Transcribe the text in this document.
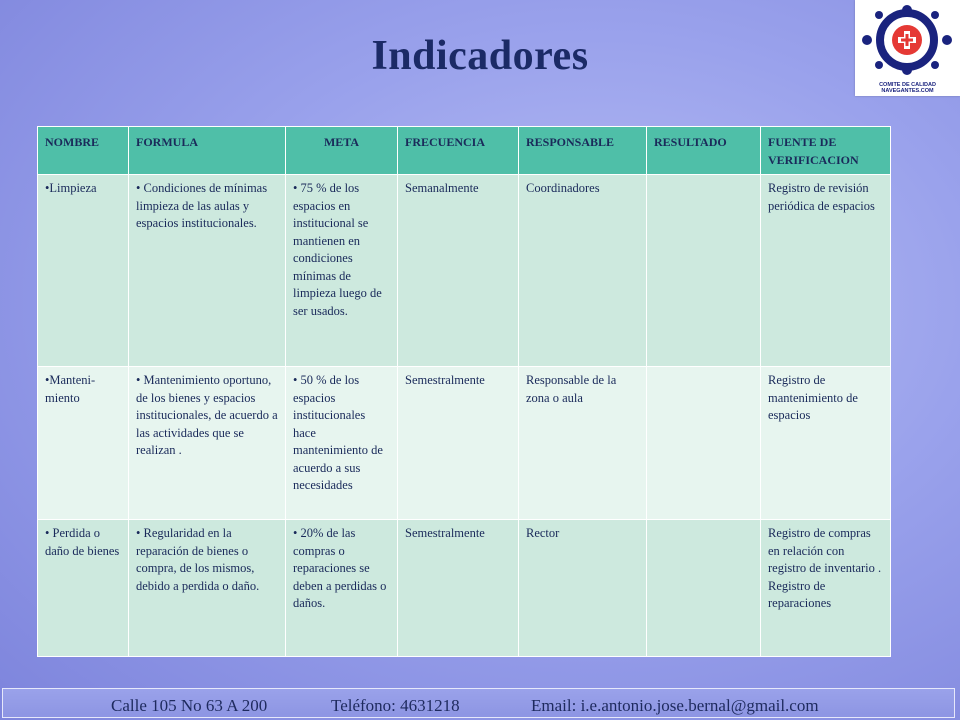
Indicadores
COMITE DE CALIDAD
NAVEGANTES.COM
NOMBRE	FORMULA	META	FRECUENCIA	RESPONSABLE	RESULTADO	FUENTE DE VERIFICACION
•Limpieza	• Condiciones de mínimas limpieza de las aulas y espacios institucionales.	• 75 % de los espacios en institucional se mantienen en condiciones mínimas de limpieza luego de ser usados.	Semanalmente	Coordinadores		Registro de revisión periódica de espacios
•Manteni- miento	• Mantenimiento oportuno, de los bienes y espacios institucionales, de acuerdo a las actividades que se realizan .	• 50 % de los espacios institucionales hace mantenimiento de acuerdo a sus necesidades	Semestralmente	Responsable de la zona o aula		Registro de mantenimiento de espacios
• Perdida o daño de bienes	• Regularidad en la reparación de bienes o compra, de los mismos, debido a perdida o daño.	• 20% de las compras o reparaciones se deben a perdidas o daños.	Semestralmente	Rector		Registro de compras en relación con registro de inventario . Registro de reparaciones
Calle 105 No 63 A 200	Teléfono: 4631218	Email: i.e.antonio.jose.bernal@gmail.com
